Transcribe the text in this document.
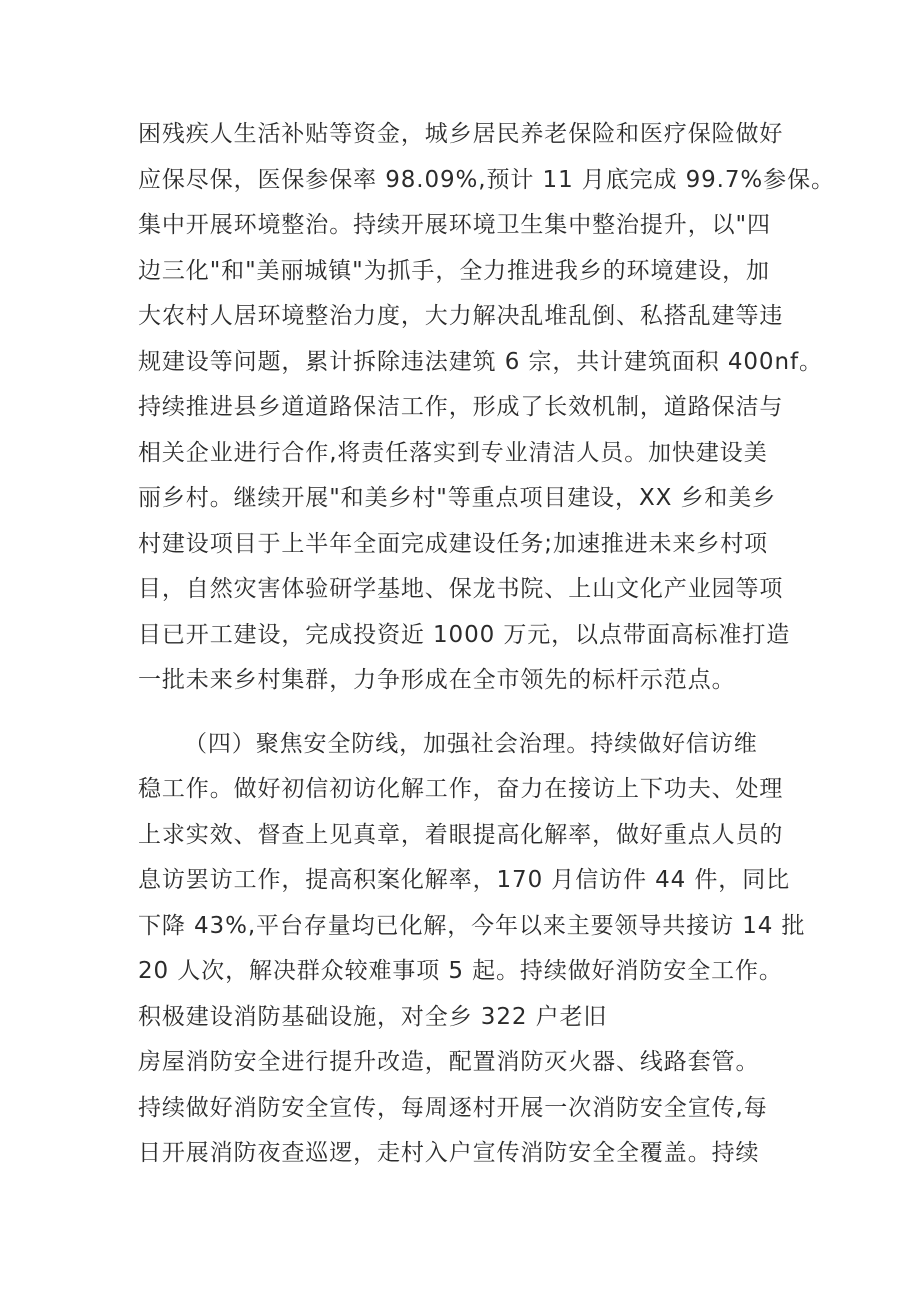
困残疾人生活补贴等资金，城乡居民养老保险和医疗保险做好
应保尽保，医保参保率 98.09%,预计 11 月底完成 99.7%参保。
集中开展环境整治。持续开展环境卫生集中整治提升，以"四
边三化"和"美丽城镇"为抓手，全力推进我乡的环境建设，加
大农村人居环境整治力度，大力解决乱堆乱倒、私搭乱建等违
规建设等问题，累计拆除违法建筑 6 宗，共计建筑面积 400nf。
持续推进县乡道道路保洁工作，形成了长效机制，道路保洁与
相关企业进行合作,将责任落实到专业清洁人员。加快建设美
丽乡村。继续开展"和美乡村"等重点项目建设，XX 乡和美乡
村建设项目于上半年全面完成建设任务;加速推进未来乡村项
目，自然灾害体验研学基地、保龙书院、上山文化产业园等项
目已开工建设，完成投资近 1000 万元，以点带面高标准打造
一批未来乡村集群，力争形成在全市领先的标杆示范点。
（四）聚焦安全防线，加强社会治理。持续做好信访维
稳工作。做好初信初访化解工作，奋力在接访上下功夫、处理
上求实效、督查上见真章，着眼提高化解率，做好重点人员的
息访罢访工作，提高积案化解率，170 月信访件 44 件，同比
下降 43%,平台存量均已化解，今年以来主要领导共接访 14 批
20 人次，解决群众较难事项 5 起。持续做好消防安全工作。
积极建设消防基础设施，对全乡 322 户老旧
房屋消防安全进行提升改造，配置消防灭火器、线路套管。
持续做好消防安全宣传，每周逐村开展一次消防安全宣传,每
日开展消防夜查巡逻，走村入户宣传消防安全全覆盖。持续
